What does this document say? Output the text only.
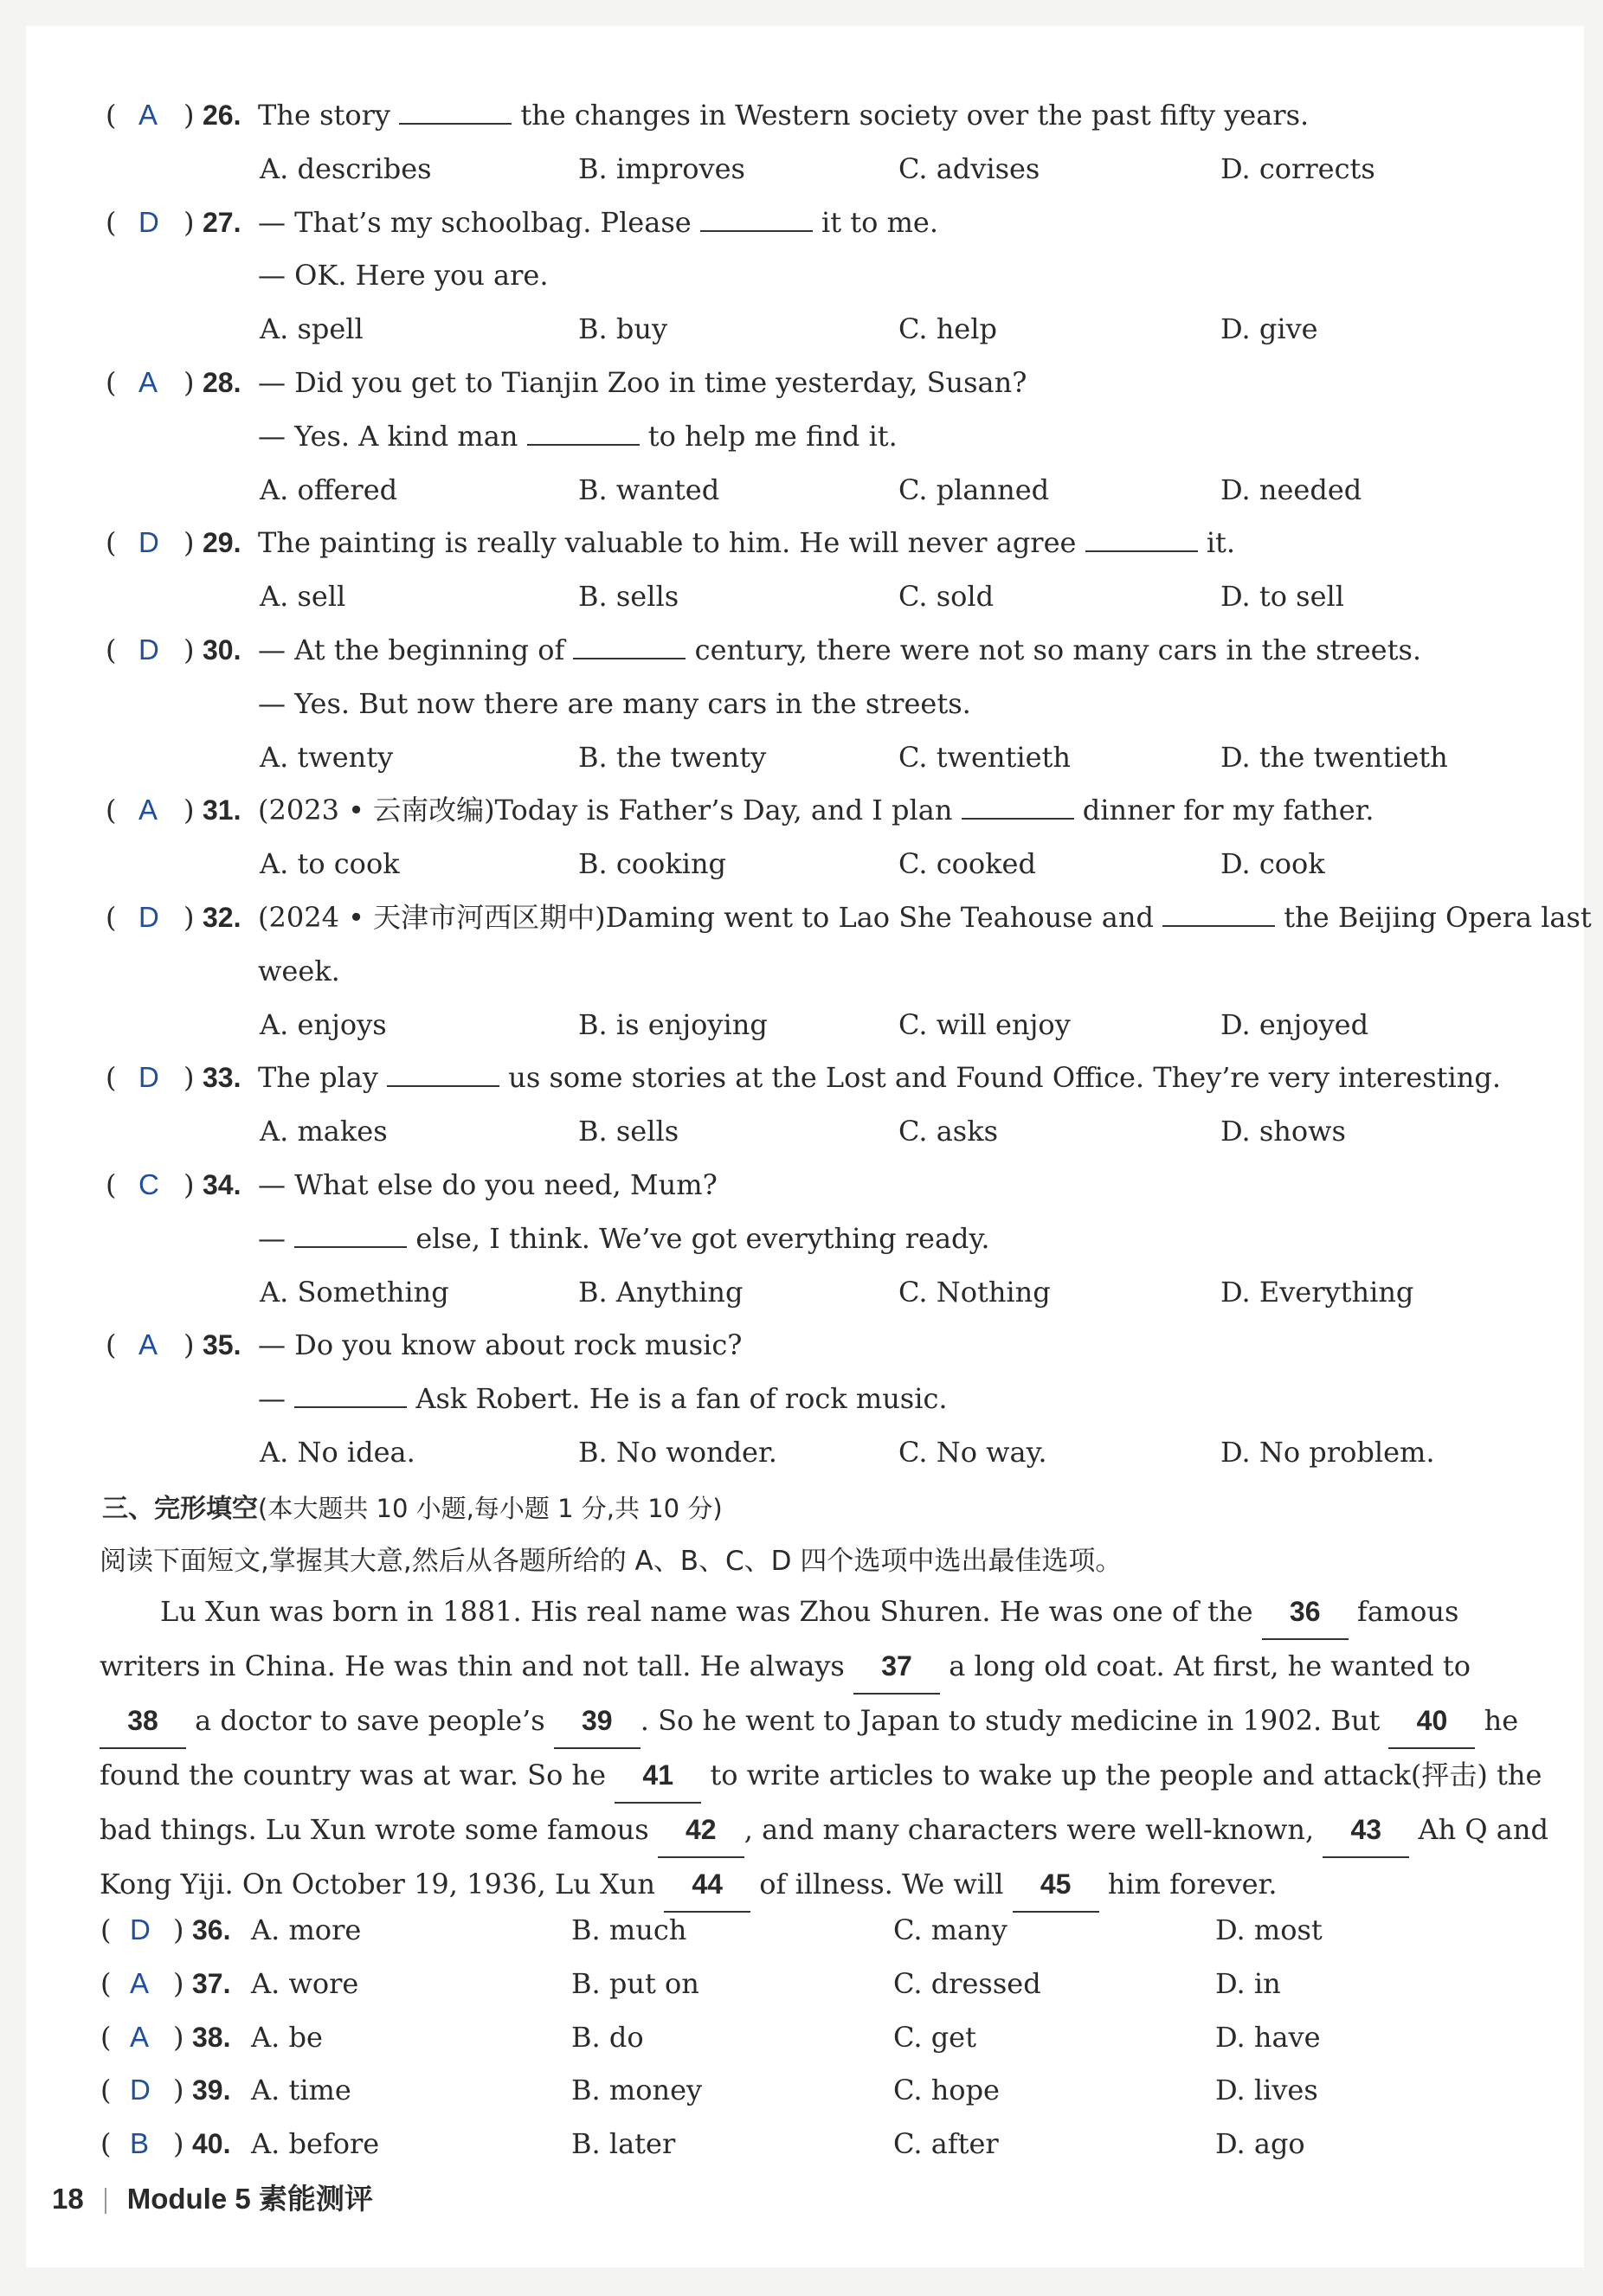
( A ) 26. The story	the changes in Western society over the past fifty years.
A. describes	B. improves	C. advises	D. corrects
( D ) 27. — That’s my schoolbag. Please	it to me.
— OK. Here you are.
A. spell	B. buy	C. help	D. give
( A ) 28. — Did you get to Tianjin Zoo in time yesterday, Susan?
— Yes. A kind man	to help me find it.
A. offered	B. wanted	C. planned	D. needed
( D ) 29. The painting is really valuable to him. He will never agree	it.
A. sell	B. sells	C. sold	D. to sell
( D ) 30. — At the beginning of	century, there were not so many cars in the streets.
— Yes. But now there are many cars in the streets.
A. twenty	B. the twenty	C. twentieth	D. the twentieth
( A ) 31. (2023 • 云南改编)Today is Father’s Day, and I plan	dinner for my father.
A. to cook	B. cooking	C. cooked	D. cook
( D ) 32. (2024 • 天津市河西区期中)Daming went to Lao She Teahouse and	the Beijing Opera last
week.
A. enjoys	B. is enjoying	C. will enjoy	D. enjoyed
( D ) 33. The play	us some stories at the Lost and Found Office. They’re very interesting.
A. makes	B. sells	C. asks	D. shows
( C ) 34. — What else do you need, Mum?
—	else, I think. We’ve got everything ready.
A. Something	B. Anything	C. Nothing	D. Everything
( A ) 35. — Do you know about rock music?
—	Ask Robert. He is a fan of rock music.
A. No idea.	B. No wonder.	C. No way.	D. No problem.
三、完形填空(本大题共 10 小题,每小题 1 分,共 10 分)
阅读下面短文,掌握其大意,然后从各题所给的 A、B、C、D 四个选项中选出最佳选项。
Lu Xun was born in 1881. His real name was Zhou Shuren. He was one of the 36 famous writers in China. He was thin and not tall. He always 37 a long old coat. At first, he wanted to 38 a doctor to save people’s 39 . So he went to Japan to study medicine in 1902. But 40 he found the country was at war. So he 41 to write articles to wake up the people and attack(抨击) the bad things. Lu Xun wrote some famous 42 , and many characters were well-known, 43 Ah Q and Kong Yiji. On October 19, 1936, Lu Xun 44 of illness. We will 45 him forever.
( D ) 36. A. more	B. much	C. many	D. most
( A ) 37. A. wore	B. put on	C. dressed	D. in
( A ) 38. A. be	B. do	C. get	D. have
( D ) 39. A. time	B. money	C. hope	D. lives
( B ) 40. A. before	B. later	C. after	D. ago
18 Module 5 素能测评
